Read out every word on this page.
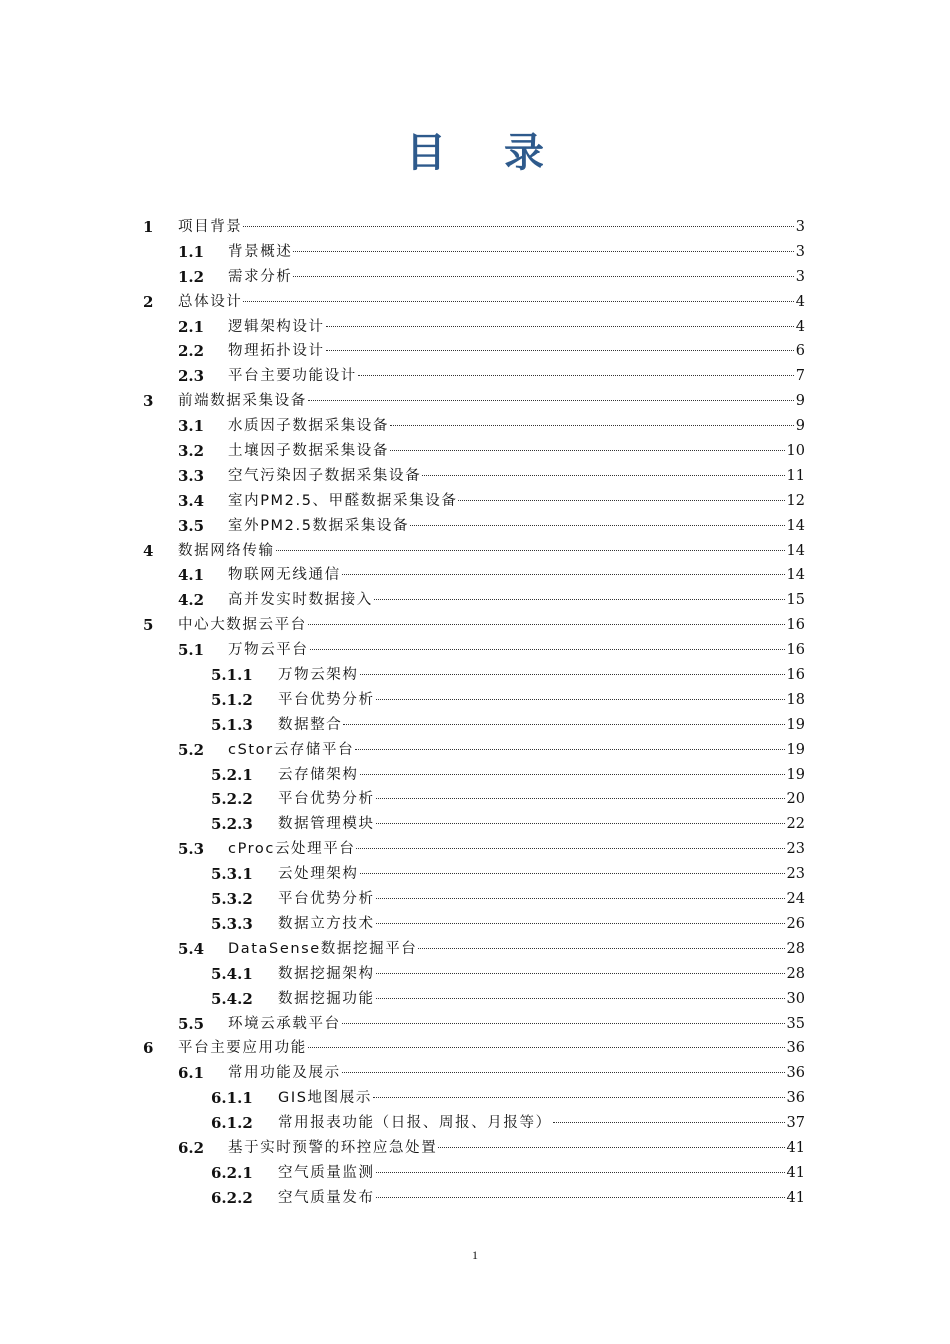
目 录
1 项目背景	3
1.1 背景概述	3
1.2 需求分析	3
2 总体设计	4
2.1 逻辑架构设计	4
2.2 物理拓扑设计	6
2.3 平台主要功能设计	7
3 前端数据采集设备	9
3.1 水质因子数据采集设备	9
3.2 土壤因子数据采集设备	10
3.3 空气污染因子数据采集设备	11
3.4 室内PM2.5、甲醛数据采集设备	12
3.5 室外PM2.5数据采集设备	14
4 数据网络传输	14
4.1 物联网无线通信	14
4.2 高并发实时数据接入	15
5 中心大数据云平台	16
5.1 万物云平台	16
5.1.1 万物云架构	16
5.1.2 平台优势分析	18
5.1.3 数据整合	19
5.2 cStor云存储平台	19
5.2.1 云存储架构	19
5.2.2 平台优势分析	20
5.2.3 数据管理模块	22
5.3 cProc云处理平台	23
5.3.1 云处理架构	23
5.3.2 平台优势分析	24
5.3.3 数据立方技术	26
5.4 DataSense数据挖掘平台	28
5.4.1 数据挖掘架构	28
5.4.2 数据挖掘功能	30
5.5 环境云承载平台	35
6 平台主要应用功能	36
6.1 常用功能及展示	36
6.1.1 GIS地图展示	36
6.1.2 常用报表功能（日报、周报、月报等）	37
6.2 基于实时预警的环控应急处置	41
6.2.1 空气质量监测	41
6.2.2 空气质量发布	41
1
